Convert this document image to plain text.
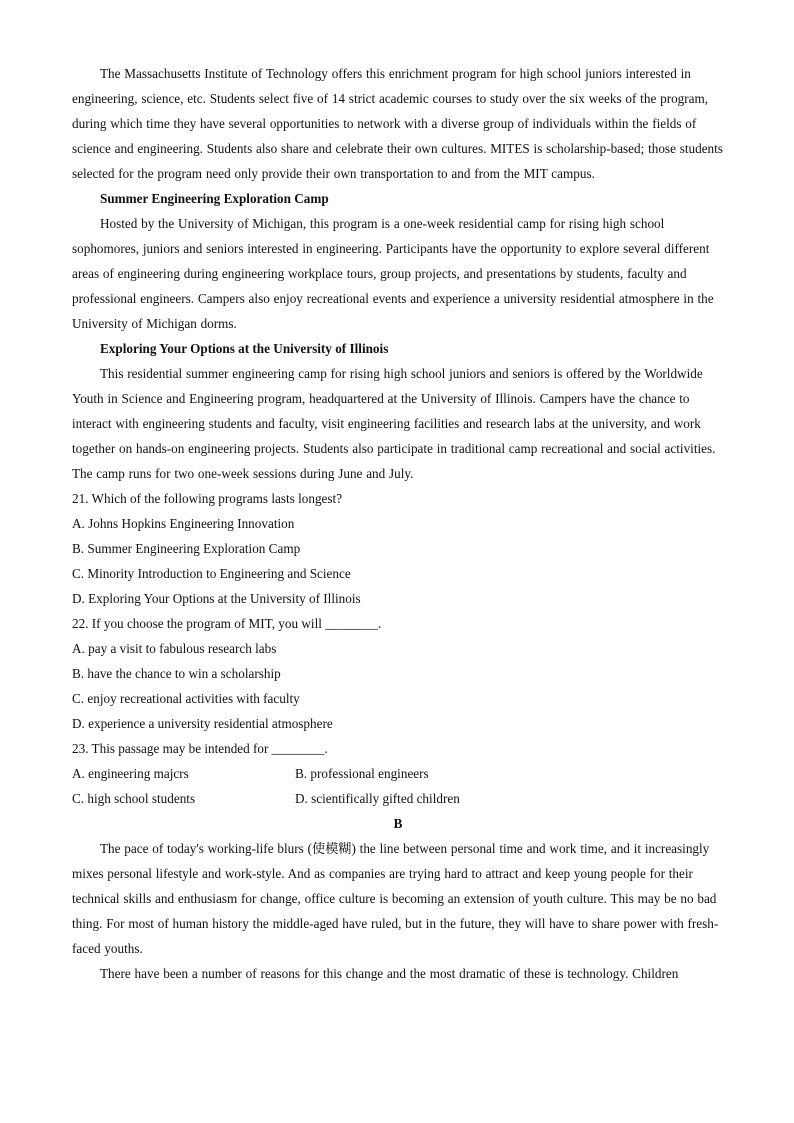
The Massachusetts Institute of Technology offers this enrichment program for high school juniors interested in engineering, science, etc. Students select five of 14 strict academic courses to study over the six weeks of the program, during which time they have several opportunities to network with a diverse group of individuals within the fields of science and engineering. Students also share and celebrate their own cultures. MITES is scholarship-based; those students selected for the program need only provide their own transportation to and from the MIT campus.

Summer Engineering Exploration Camp

Hosted by the University of Michigan, this program is a one-week residential camp for rising high school sophomores, juniors and seniors interested in engineering. Participants have the opportunity to explore several different areas of engineering during engineering workplace tours, group projects, and presentations by students, faculty and professional engineers. Campers also enjoy recreational events and experience a university residential atmosphere in the University of Michigan dorms.

Exploring Your Options at the University of Illinois

This residential summer engineering camp for rising high school juniors and seniors is offered by the Worldwide Youth in Science and Engineering program, headquartered at the University of Illinois. Campers have the chance to interact with engineering students and faculty, visit engineering facilities and research labs at the university, and work together on hands-on engineering projects. Students also participate in traditional camp recreational and social activities. The camp runs for two one-week sessions during June and July.

21. Which of the following programs lasts longest?

A. Johns Hopkins Engineering Innovation

B. Summer Engineering Exploration Camp

C. Minority Introduction to Engineering and Science

D. Exploring Your Options at the University of Illinois

22. If you choose the program of MIT, you will ________.

A. pay a visit to fabulous research labs

B. have the chance to win a scholarship

C. enjoy recreational activities with faculty

D. experience a university residential atmosphere

23. This passage may be intended for ________.

A. engineering majcrs	B. professional engineers
C. high school students	D. scientifically gifted children

B

The pace of today's working-life blurs (使模糊) the line between personal time and work time, and it increasingly mixes personal lifestyle and work-style. And as companies are trying hard to attract and keep young people for their technical skills and enthusiasm for change, office culture is becoming an extension of youth culture. This may be no bad thing. For most of human history the middle-aged have ruled, but in the future, they will have to share power with fresh-faced youths.

There have been a number of reasons for this change and the most dramatic of these is technology. Children
